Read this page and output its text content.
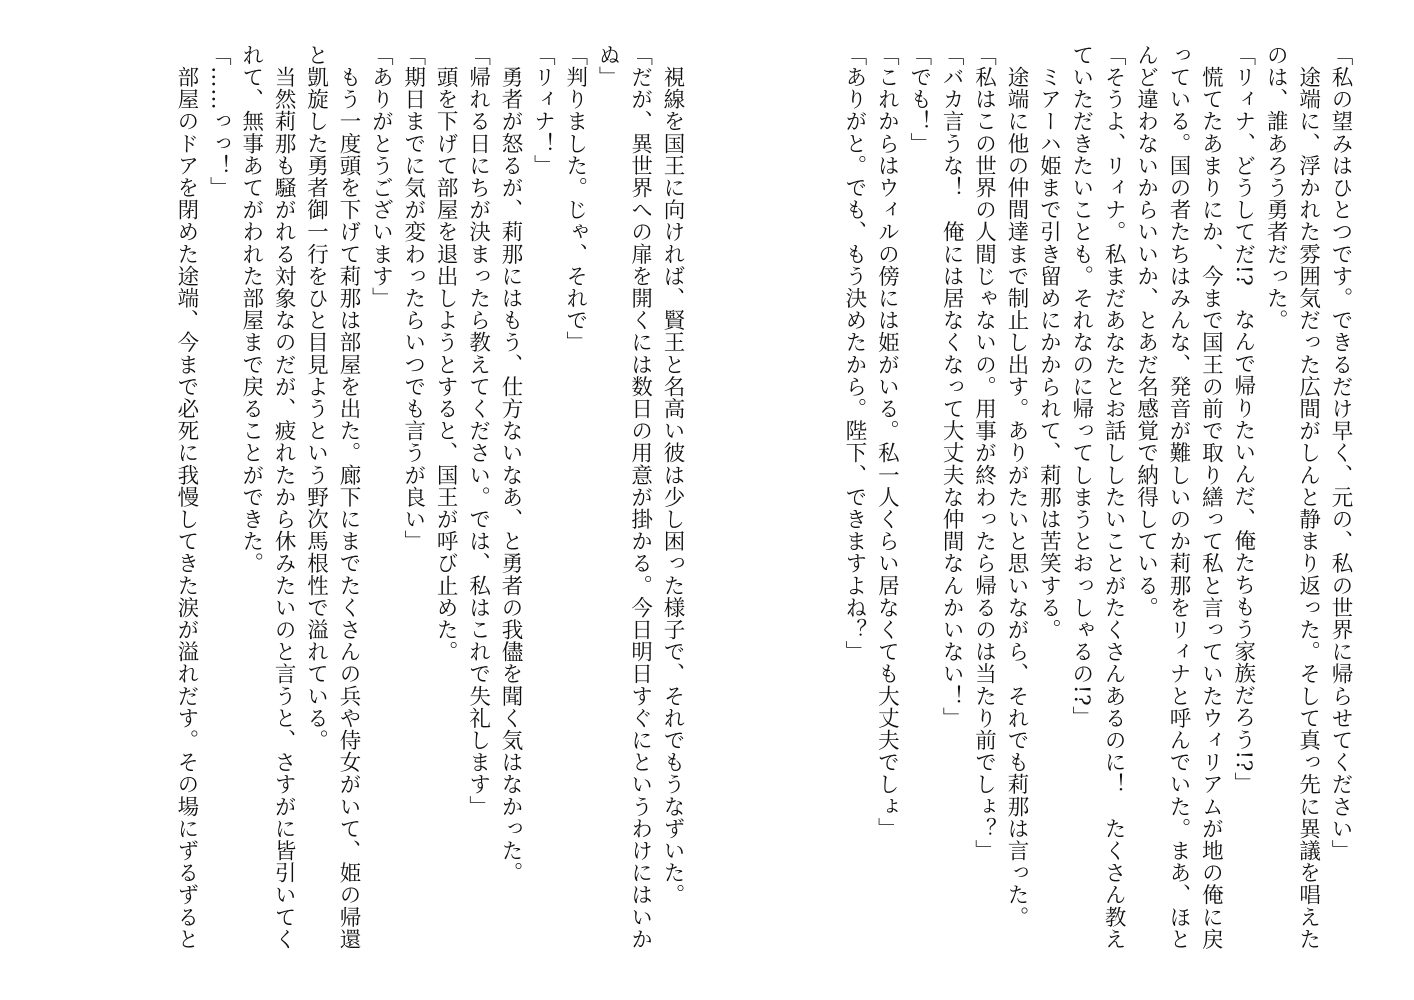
「私の望みはひとつです。できるだけ早く、元の、私の世界に帰らせてください」
　途端に、浮かれた雰囲気だった広間がしんと静まり返った。そして真っ先に異議を唱えた
のは、誰あろう勇者だった。
「リィナ、どうしてだ!?　なんで帰りたいんだ、俺たちもう家族だろう!?」
　慌てたあまりにか、今まで国王の前で取り繕って私と言っていたウィリアムが地の俺に戻
っている。国の者たちはみんな、発音が難しいのか莉那をリィナと呼んでいた。まあ、ほと
んど違わないからいいか、とあだ名感覚で納得している。
「そうよ、リィナ。私まだあなたとお話ししたいことがたくさんあるのに！　たくさん教え
ていただきたいことも。それなのに帰ってしまうとおっしゃるの!?」
　ミアーハ姫まで引き留めにかかられて、莉那は苦笑する。
　途端に他の仲間達まで制止し出す。ありがたいと思いながら、それでも莉那は言った。
「私はこの世界の人間じゃないの。用事が終わったら帰るのは当たり前でしょ？」
「バカ言うな！　俺には居なくなって大丈夫な仲間なんかいない！」
「でも！」
「これからはウィルの傍には姫がいる。私一人くらい居なくても大丈夫でしょ」
「ありがと。でも、もう決めたから。陛下、できますよね？」
　視線を国王に向ければ、賢王と名高い彼は少し困った様子で、それでもうなずいた。
「だが、異世界への扉を開くには数日の用意が掛かる。今日明日すぐにというわけにはいか
ぬ」
「判りました。じゃ、それで」
「リィナ！」
　勇者が怒るが、莉那にはもう、仕方ないなあ、と勇者の我儘を聞く気はなかった。
「帰れる日にちが決まったら教えてください。では、私はこれで失礼します」
　頭を下げて部屋を退出しようとすると、国王が呼び止めた。
「期日までに気が変わったらいつでも言うが良い」
「ありがとうございます」
　もう一度頭を下げて莉那は部屋を出た。廊下にまでたくさんの兵や侍女がいて、姫の帰還
と凱旋した勇者御一行をひと目見ようという野次馬根性で溢れている。
　当然莉那も騒がれる対象なのだが、疲れたから休みたいのと言うと、さすがに皆引いてく
れて、無事あてがわれた部屋まで戻ることができた。
「……っっ！」
　部屋のドアを閉めた途端、今まで必死に我慢してきた涙が溢れだす。その場にずるずると
